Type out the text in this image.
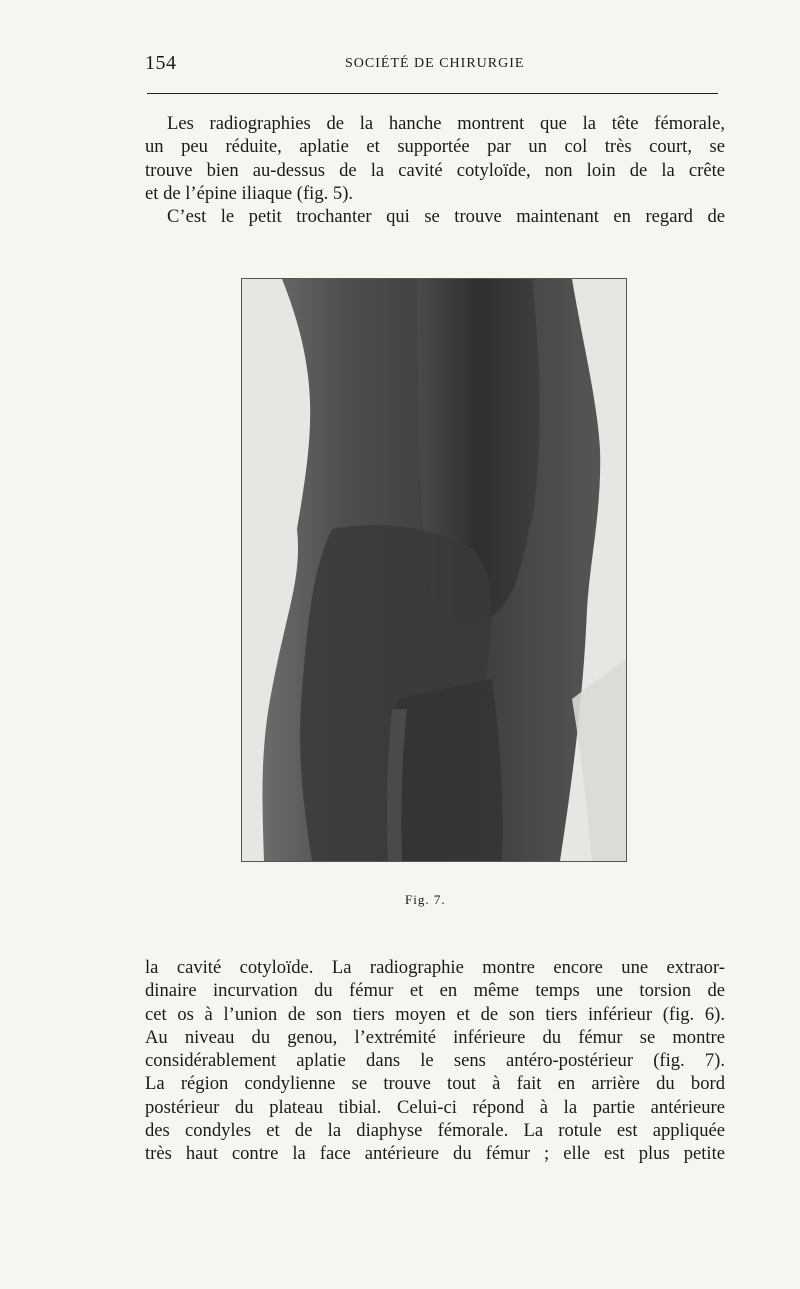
154	SOCIÉTÉ DE CHIRURGIE
Les radiographies de la hanche montrent que la tête fémorale,
un peu réduite, aplatie et supportée par un col très court, se
trouve bien au-dessus de la cavité cotyloïde, non loin de la crête
et de l’épine iliaque (fig. 5).
C’est le petit trochanter qui se trouve maintenant en regard de
Fig. 7.
la cavité cotyloïde. La radiographie montre encore une extraor-
dinaire incurvation du fémur et en même temps une torsion de
cet os à l’union de son tiers moyen et de son tiers inférieur (fig. 6).
Au niveau du genou, l’extrémité inférieure du fémur se montre
considérablement aplatie dans le sens antéro-postérieur (fig. 7).
La région condylienne se trouve tout à fait en arrière du bord
postérieur du plateau tibial. Celui-ci répond à la partie antérieure
des condyles et de la diaphyse fémorale. La rotule est appliquée
très haut contre la face antérieure du fémur ; elle est plus petite
